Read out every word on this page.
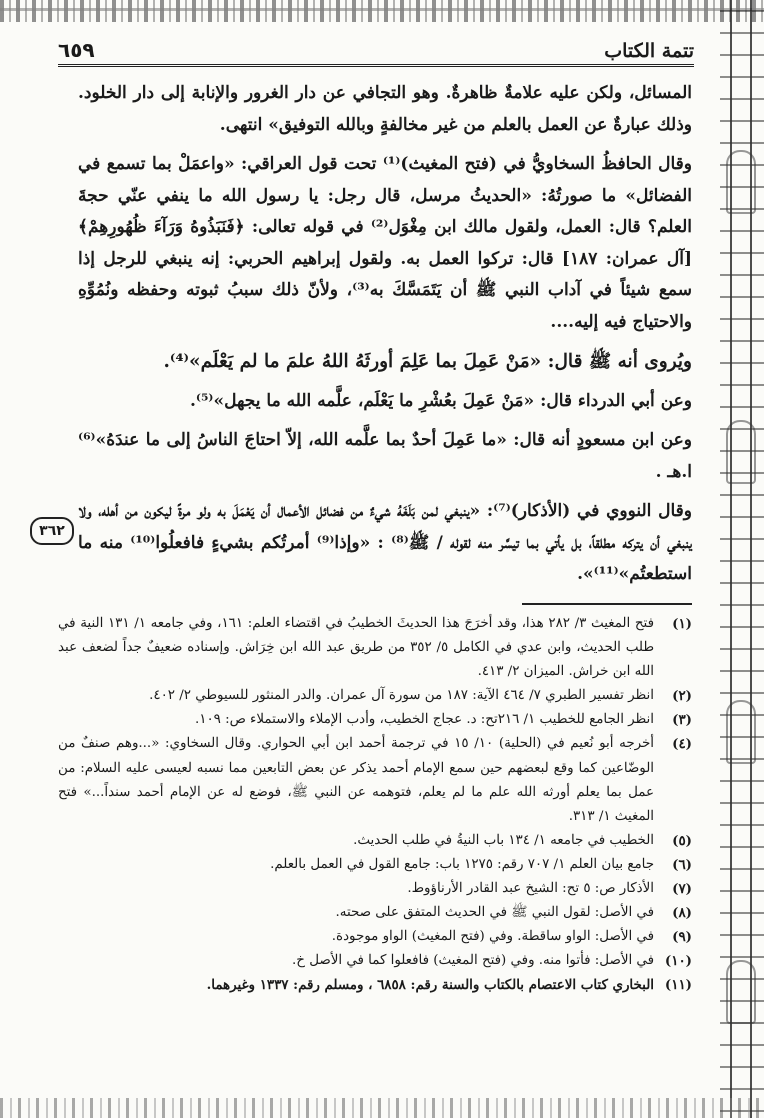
٦٥٩	تتمة الكتاب
٣٦٢

المسائل، ولكن عليه علامةٌ ظاهرةٌ. وهو التجافي عن دار الغرور والإنابة إلى دار الخلود. وذلك عبارةٌ عن العمل بالعلم من غير مخالفةٍ وبالله التوفيق» انتهى.

وقال الحافظُ السخاويُّ في (فتح المغيث)⁽¹⁾ تحت قول العراقي: «واعمَلْ بما تسمع في الفضائل» ما صورتُهُ: «الحديثُ مرسل، قال رجل: يا رسول الله ما ينفي عنّي حجةَ العلم؟ قال: العمل، ولقول مالك ابن مِغْوَل⁽²⁾ في قوله تعالى: ﴿فَنَبَذُوهُ وَرَآءَ ظُهُورِهِمْ﴾ [آل عمران: ١٨٧] قال: تركوا العمل به. ولقول إبراهيم الحربي: إنه ينبغي للرجل إذا سمع شيئاً في آداب النبي ﷺ أن يَتَمَسَّكَ به⁽³⁾، ولأنّ ذلك سببُ ثبوته وحفظه ونُمُوِّهِ والاحتياج فيه إليه....

ويُروى أنه ﷺ قال: «مَنْ عَمِلَ بما عَلِمَ أورثَهُ اللهُ علمَ ما لم يَعْلَم»⁽⁴⁾.

وعن أبي الدرداء قال: «مَنْ عَمِلَ بعُشْرِ ما يَعْلَم، علَّمه الله ما يجهل»⁽⁵⁾.

وعن ابن مسعودٍ أنه قال: «ما عَمِلَ أحدٌ بما علَّمه الله، إلاّ احتاجَ الناسُ إلى ما عندَهُ»⁽⁶⁾ ا.هـ .

وقال النووي في (الأذكار)⁽⁷⁾: «ينبغي لمن بَلَغَهُ شيءٌ من فضائل الأعمال أن يَعْمَلَ به ولو مرةً ليكون من أهله، ولا ينبغي أن يتركه مطلقاً، بل يأتي بما تيسَّر منه لقوله / ﷺ⁽⁸⁾ : «وإذا⁽⁹⁾ أمرتُكم بشيءٍ فافعلُوا⁽¹⁰⁾ منه ما استطعتُم»⁽¹¹⁾».

(١)
فتح المغيث ٣/ ٢٨٢ هذا، وقد أخرَجَ هذا الحديثَ الخطيبُ في اقتضاء العلم: ١٦١، وفي جامعه ١/ ١٣١ النية في طلب الحديث، وابن عدي في الكامل ٥/ ٣٥٢ من طريق عبد الله ابن خِرَاش. وإسناده ضعيفٌ جداً لضعف عبد الله ابن خراش. الميزان ٢/ ٤١٣.
(٢)
انظر تفسير الطبري ٧/ ٤٦٤ الآية: ١٨٧ من سورة آل عمران. والدر المنثور للسيوطي ٢/ ٤٠٢.
(٣)
انظر الجامع للخطيب ١/ ٢١٦تح: د. عجاج الخطيب، وأدب الإملاء والاستملاء ص: ١٠٩.
(٤)
أخرجه أبو نُعيم في (الحلية) ١٠/ ١٥ في ترجمة أحمد ابن أبي الحواري. وقال السخاوي: «...وهم صنفٌ من الوضّاعين كما وقع لبعضهم حين سمع الإمام أحمد يذكر عن بعض التابعين مما نسبه لعيسى عليه السلام: من عمل بما يعلم أورثه الله علم ما لم يعلم، فتوهمه عن النبي ﷺ، فوضع له عن الإمام أحمد سنداً...» فتح المغيث ١/ ٣١٣.
(٥)
الخطيب في جامعه ١/ ١٣٤ باب النيةُ في طلب الحديث.
(٦)
جامع بيان العلم ١/ ٧٠٧ رقم: ١٢٧٥ باب: جامع القول في العمل بالعلم.
(٧)
الأذكار ص: ٥ تح: الشيخ عبد القادر الأرناؤوط.
(٨)
في الأصل: لقول النبي ﷺ في الحديث المتفق على صحته.
(٩)
في الأصل: الواو ساقطة. وفي (فتح المغيث) الواو موجودة.
(١٠)
في الأصل: فأتوا منه. وفي (فتح المغيث) فافعلوا كما في الأصل خ.
(١١)
البخاري كتاب الاعتصام بالكتاب والسنة رقم: ٦٨٥٨ ، ومسلم رقم: ١٣٣٧ وغيرهما.
